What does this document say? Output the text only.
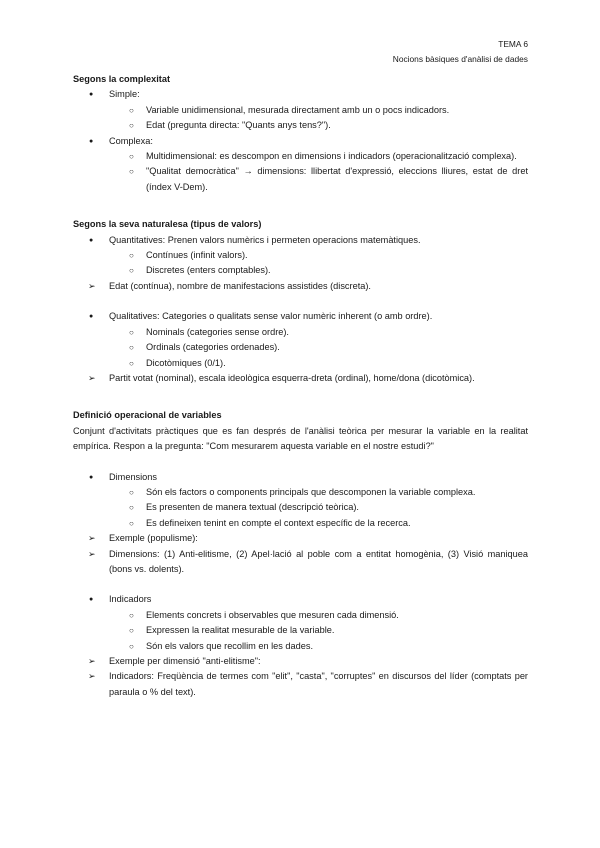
TEMA 6
Nocions bàsiques d'anàlisi de dades
Segons la complexitat
● Simple:
○ Variable unidimensional, mesurada directament amb un o pocs indicadors.
○ Edat (pregunta directa: "Quants anys tens?").
● Complexa:
○ Multidimensional: es descompon en dimensions i indicadors (operacionalització complexa).
○ "Qualitat democràtica" → dimensions: llibertat d'expressió, eleccions lliures, estat de dret (índex V-Dem).
Segons la seva naturalesa (tipus de valors)
● Quantitatives: Prenen valors numèrics i permeten operacions matemàtiques.
○ Contínues (infinit valors).
○ Discretes (enters comptables).
➢ Edat (contínua), nombre de manifestacions assistides (discreta).
● Qualitatives: Categories o qualitats sense valor numèric inherent (o amb ordre).
○ Nominals (categories sense ordre).
○ Ordinals (categories ordenades).
○ Dicotòmiques (0/1).
➢ Partit votat (nominal), escala ideològica esquerra-dreta (ordinal), home/dona (dicotòmica).
Definició operacional de variables
Conjunt d'activitats pràctiques que es fan després de l'anàlisi teòrica per mesurar la variable en la realitat empírica. Respon a la pregunta: "Com mesurarem aquesta variable en el nostre estudi?"
● Dimensions
○ Són els factors o components principals que descomponen la variable complexa.
○ Es presenten de manera textual (descripció teòrica).
○ Es defineixen tenint en compte el context específic de la recerca.
➢ Exemple (populisme):
➢ Dimensions: (1) Anti-elitisme, (2) Apel·lació al poble com a entitat homogènia, (3) Visió maniquea (bons vs. dolents).
● Indicadors
○ Elements concrets i observables que mesuren cada dimensió.
○ Expressen la realitat mesurable de la variable.
○ Són els valors que recollim en les dades.
➢ Exemple per dimensió "anti-elitisme":
➢ Indicadors: Freqüència de termes com "elit", "casta", "corruptes" en discursos del líder (comptats per paraula o % del text).
